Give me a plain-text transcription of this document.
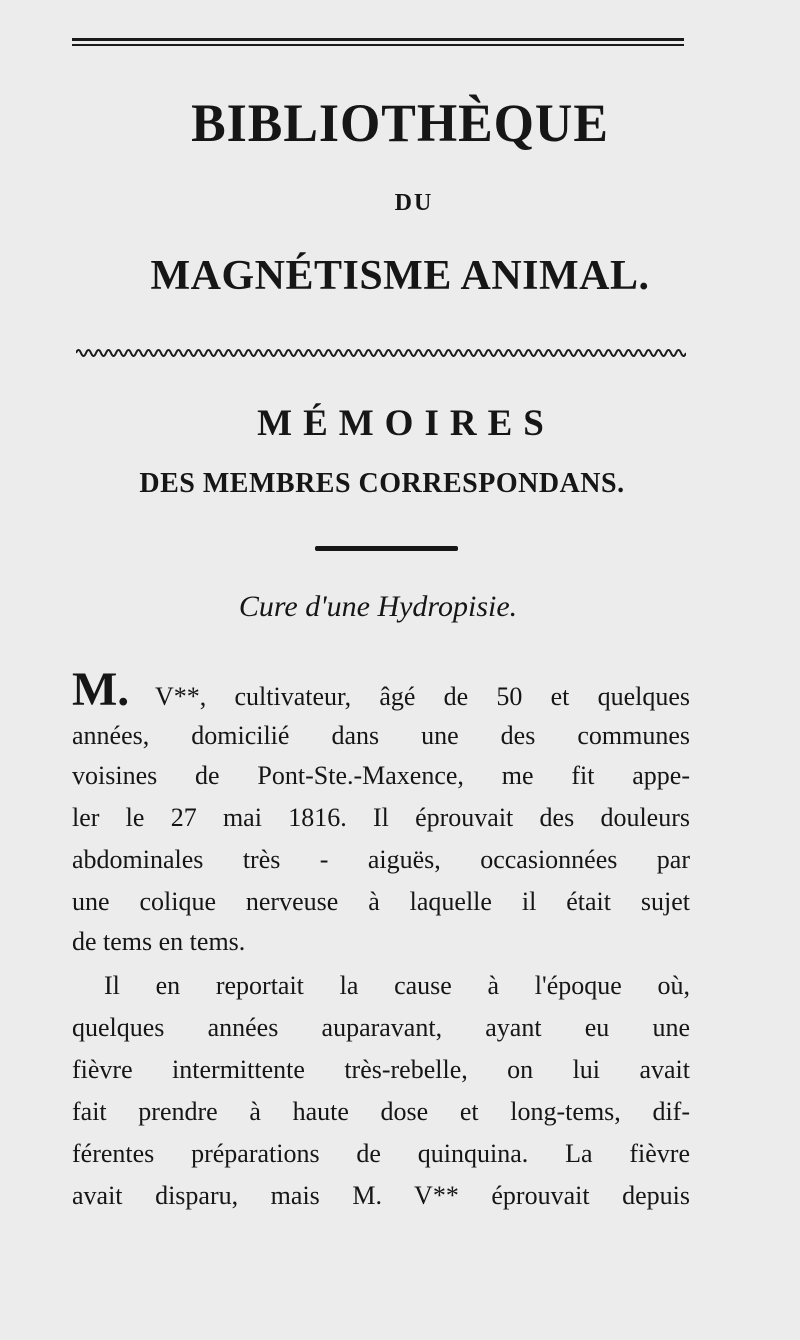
BIBLIOTHÈQUE
DU
MAGNÉTISME ANIMAL.
MÉMOIRES
DES MEMBRES CORRESPONDANS.
Cure d'une Hydropisie.
M. V**, cultivateur, âgé de 50 et quelques
années, domicilié dans une des communes
voisines de Pont-Ste.-Maxence, me fit appe-
ler le 27 mai 1816. Il éprouvait des douleurs
abdominales très - aiguës, occasionnées par
une colique nerveuse à laquelle il était sujet
de tems en tems.
Il en reportait la cause à l'époque où,
quelques années auparavant, ayant eu une
fièvre intermittente très-rebelle, on lui avait
fait prendre à haute dose et long-tems, dif-
férentes préparations de quinquina. La fièvre
avait disparu, mais M. V** éprouvait depuis
